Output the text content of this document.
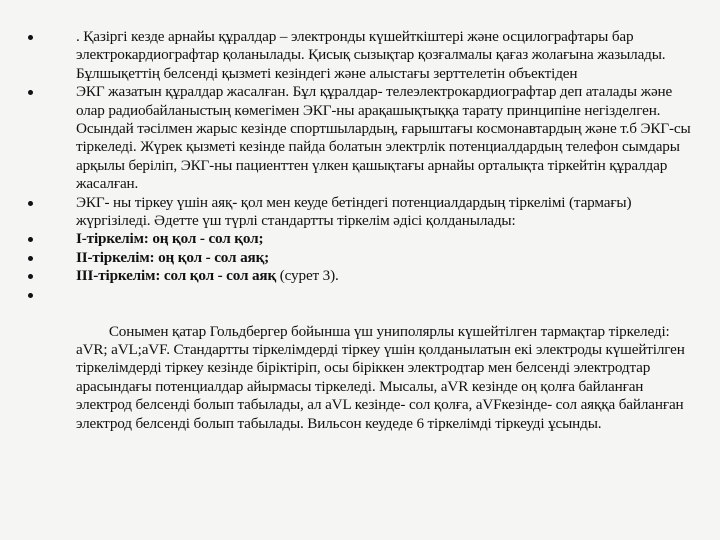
. Қазіргі кезде арнайы құралдар – электронды күшейткіштері және осцилографтары бар электрокардиографтар қоланылады. Қисық сызықтар қозғалмалы қағаз жолағына жазылады. Бұлшықеттің белсенді қызметі кезіндегі және алыстағы зерттелетін объектіден
ЭКГ жазатын құралдар жасалған. Бұл құралдар- телеэлектрокардиографтар деп аталады және олар радиобайланыстың көмегімен ЭКГ-ны арақашықтыққа тарату принципіне негізделген. Осындай тәсілмен жарыс кезінде спортшылардың, ғарыштағы космонавтардың және т.б ЭКГ-сы тіркеледі. Жүрек қызметі кезінде пайда болатын электрлік потенциалдардың телефон сымдары арқылы беріліп, ЭКГ-ны пациенттен үлкен қашықтағы арнайы орталықта тіркейтін құралдар жасалған.
ЭКГ- ны тіркеу үшін аяқ- қол мен кеуде бетіндегі потенциалдардың тіркелімі (тармағы) жүргізіледі. Әдетте үш түрлі стандартты тіркелім әдісі қолданылады:
І-тіркелім: оң қол - сол қол;
ІІ-тіркелім: оң қол - сол аяқ;
ІІІ-тіркелім: сол қол - сол аяқ (сурет 3).

Сонымен қатар Гольдбергер бойынша үш униполярлы күшейтілген тармақтар тіркеледі: aVR; aVL;aVF. Стандартты тіркелімдерді тіркеу үшін қолданылатын екі электроды күшейтілген тіркелімдерді тіркеу кезінде біріктіріп, осы біріккен электродтар мен белсенді электродтар арасындағы потенциалдар айырмасы тіркеледі. Мысалы, aVR кезінде оң қолға байланған электрод белсенді болып табылады, ал aVL кезінде- сол қолға, aVFкезінде- сол аяққа байланған электрод белсенді болып табылады. Вильсон кеудеде 6 тіркелімді тіркеуді ұсынды.
